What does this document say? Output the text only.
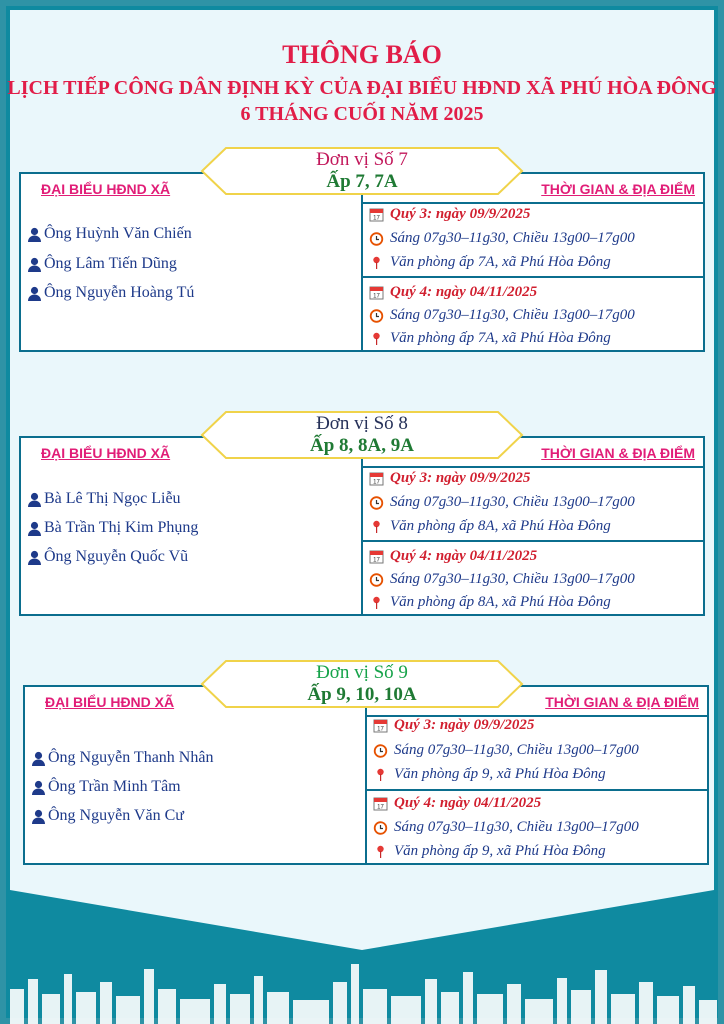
THÔNG BÁO
LỊCH TIẾP CÔNG DÂN ĐỊNH KỲ CỦA ĐẠI BIỂU HĐND XÃ PHÚ HÒA ĐÔNG
6 THÁNG CUỐI NĂM 2025
ĐẠI BIỂU HĐND XÃ	THỜI GIAN & ĐỊA ĐIỂM
Ông Huỳnh Văn Chiến
Ông Lâm Tiến Dũng
Ông Nguyễn Hoàng Tú
17 Quý 3: ngày 09/9/2025
Sáng 07g30–11g30, Chiều 13g00–17g00
Văn phòng ấp 7A, xã Phú Hòa Đông
17 Quý 4: ngày 04/11/2025
Sáng 07g30–11g30, Chiều 13g00–17g00
Văn phòng ấp 7A, xã Phú Hòa Đông
Đơn vị Số 7
Ấp 7, 7A
ĐẠI BIỂU HĐND XÃ	THỜI GIAN & ĐỊA ĐIỂM
Bà Lê Thị Ngọc Liễu
Bà Trần Thị Kim Phụng
Ông Nguyễn Quốc Vũ
17 Quý 3: ngày 09/9/2025
Sáng 07g30–11g30, Chiều 13g00–17g00
Văn phòng ấp 8A, xã Phú Hòa Đông
17 Quý 4: ngày 04/11/2025
Sáng 07g30–11g30, Chiều 13g00–17g00
Văn phòng ấp 8A, xã Phú Hòa Đông
Đơn vị Số 8
Ấp 8, 8A, 9A
ĐẠI BIỂU HĐND XÃ	THỜI GIAN & ĐỊA ĐIỂM
Ông Nguyễn Thanh Nhân
Ông Trần Minh Tâm
Ông Nguyễn Văn Cư
17 Quý 3: ngày 09/9/2025
Sáng 07g30–11g30, Chiều 13g00–17g00
Văn phòng ấp 9, xã Phú Hòa Đông
17 Quý 4: ngày 04/11/2025
Sáng 07g30–11g30, Chiều 13g00–17g00
Văn phòng ấp 9, xã Phú Hòa Đông
Đơn vị Số 9
Ấp 9, 10, 10A
